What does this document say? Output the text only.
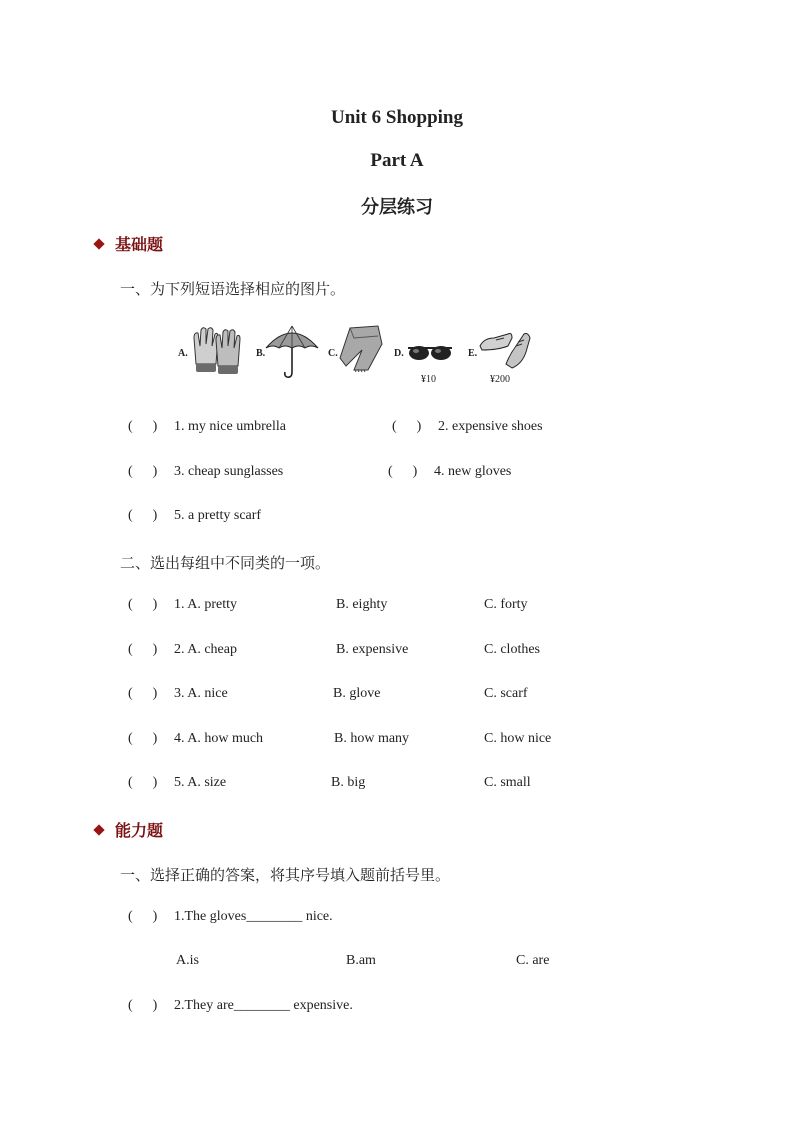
Unit 6 Shopping
Part A
分层练习
基础题
一、为下列短语选择相应的图片。
A.	B.	C.	D.
¥10
E.
¥200
( ) 1. my nice umbrella	( ) 2. expensive shoes
( ) 3. cheap sunglasses	( ) 4. new gloves
( ) 5. a pretty scarf
二、选出每组中不同类的一项。
( ) 1. A. pretty	B. eighty	C. forty
( ) 2. A. cheap	B. expensive	C. clothes
( ) 3. A. nice	B. glove	C. scarf
( ) 4. A. how much	B. how many	C. how nice
( ) 5. A. size	B. big	C. small
能力题
一、选择正确的答案，将其序号填入题前括号里。
( ) 1.The gloves________ nice.
A.is	B.am	C. are
( ) 2.They are________ expensive.
